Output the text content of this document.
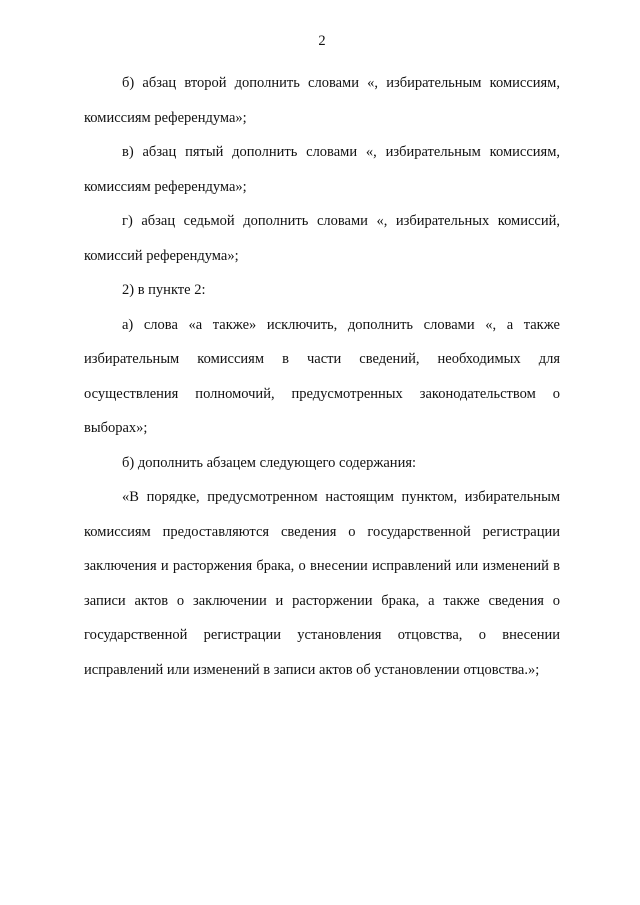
2

б) абзац второй дополнить словами «, избирательным комиссиям, комиссиям референдума»;

в) абзац пятый дополнить словами «, избирательным комиссиям, комиссиям референдума»;

г) абзац седьмой дополнить словами «, избирательных комиссий, комиссий референдума»;

2) в пункте 2:

а) слова «а также» исключить, дополнить словами «, а также избирательным комиссиям в части сведений, необходимых для осуществления полномочий, предусмотренных законодательством о выборах»;

б) дополнить абзацем следующего содержания:

«В порядке, предусмотренном настоящим пунктом, избирательным комиссиям предоставляются сведения о государственной регистрации заключения и расторжения брака, о внесении исправлений или изменений в записи актов о заключении и расторжении брака, а также сведения о государственной регистрации установления отцовства, о внесении исправлений или изменений в записи актов об установлении отцовства.»;
